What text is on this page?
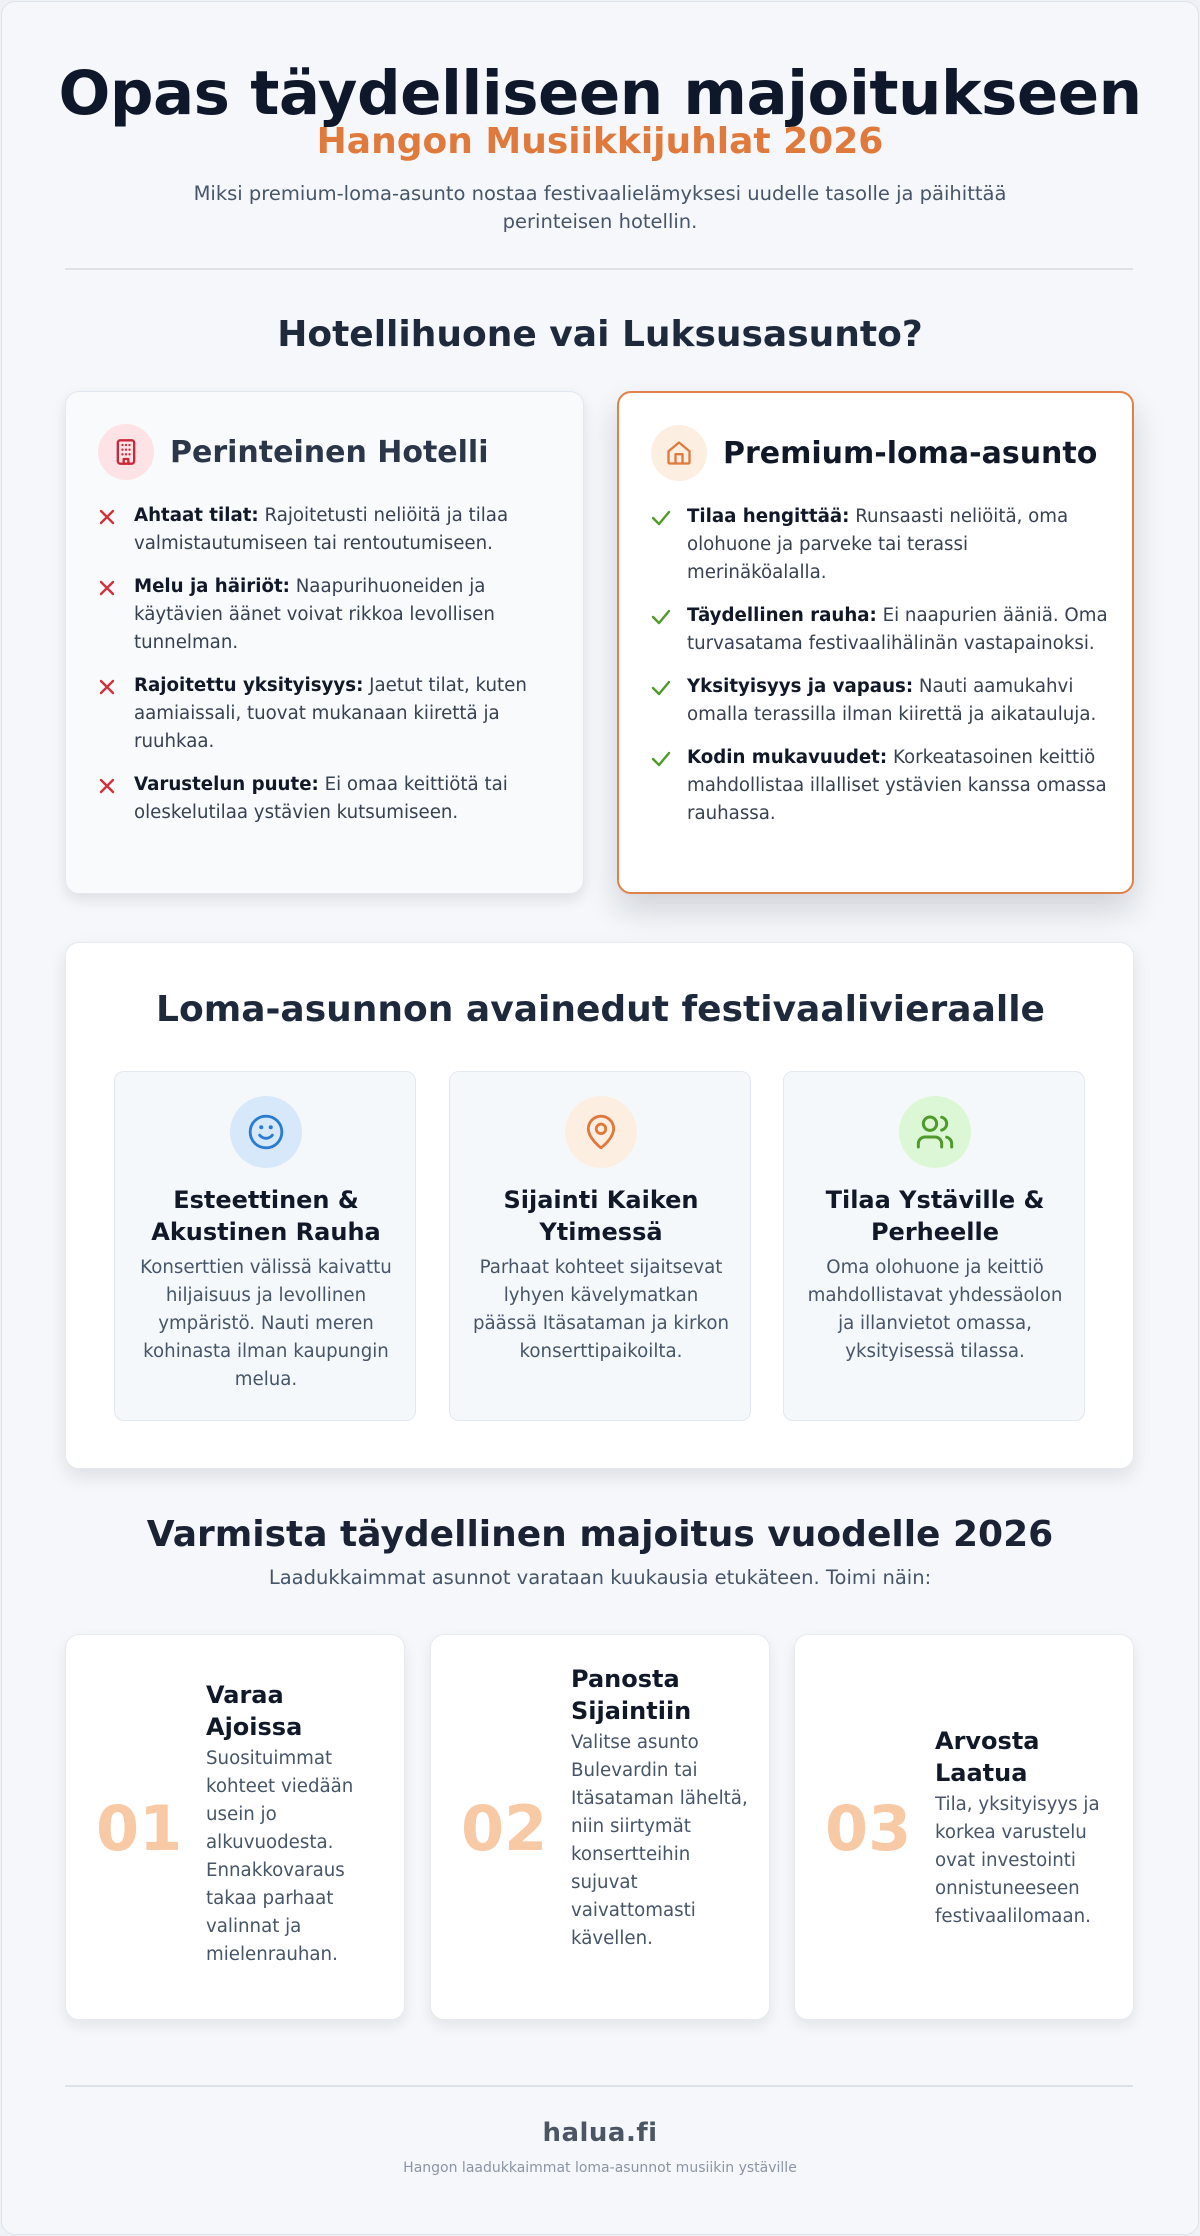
Opas täydelliseen majoitukseen
Hangon Musiikkijuhlat 2026

Miksi premium-loma-asunto nostaa festivaalielämyksesi uudelle tasolle ja päihittää perinteisen hotellin.

Hotellihuone vai Luksusasunto?
Perinteinen Hotelli
Ahtaat tilat: Rajoitetusti neliöitä ja tilaa valmistautumiseen tai rentoutumiseen.
Melu ja häiriöt: Naapurihuoneiden ja käytävien äänet voivat rikkoa levollisen tunnelman.
Rajoitettu yksityisyys: Jaetut tilat, kuten aamiaissali, tuovat mukanaan kiirettä ja ruuhkaa.
Varustelun puute: Ei omaa keittiötä tai oleskelutilaa ystävien kutsumiseen.
Premium-loma-asunto
Tilaa hengittää: Runsaasti neliöitä, oma olohuone ja parveke tai terassi merinäköalalla.
Täydellinen rauha: Ei naapurien ääniä. Oma turvasatama festivaalihälinän vastapainoksi.
Yksityisyys ja vapaus: Nauti aamukahvi omalla terassilla ilman kiirettä ja aikatauluja.
Kodin mukavuudet: Korkeatasoinen keittiö mahdollistaa illalliset ystävien kanssa omassa rauhassa.
Loma-asunnon avainedut festivaalivieraalle
Esteettinen & Akustinen Rauha
Konserttien välissä kaivattu hiljaisuus ja levollinen ympäristö. Nauti meren kohinasta ilman kaupungin melua.
Sijainti Kaiken Ytimessä
Parhaat kohteet sijaitsevat lyhyen kävelymatkan päässä Itäsataman ja kirkon konserttipaikoilta.
Tilaa Ystäville & Perheelle
Oma olohuone ja keittiö mahdollistavat yhdessäolon ja illanvietot omassa, yksityisessä tilassa.
Varmista täydellinen majoitus vuodelle 2026
Laadukkaimmat asunnot varataan kuukausia etukäteen. Toimi näin:
01
Varaa Ajoissa
Suosituimmat kohteet viedään usein jo alkuvuodesta. Ennakkovaraus takaa parhaat valinnat ja mielenrauhan.
02
Panosta Sijaintiin
Valitse asunto Bulevardin tai Itäsataman läheltä, niin siirtymät konsertteihin sujuvat vaivattomasti kävellen.
03
Arvosta Laatua
Tila, yksityisyys ja korkea varustelu ovat investointi onnistuneeseen festivaalilomaan.
halua.fi
Hangon laadukkaimmat loma-asunnot musiikin ystäville
